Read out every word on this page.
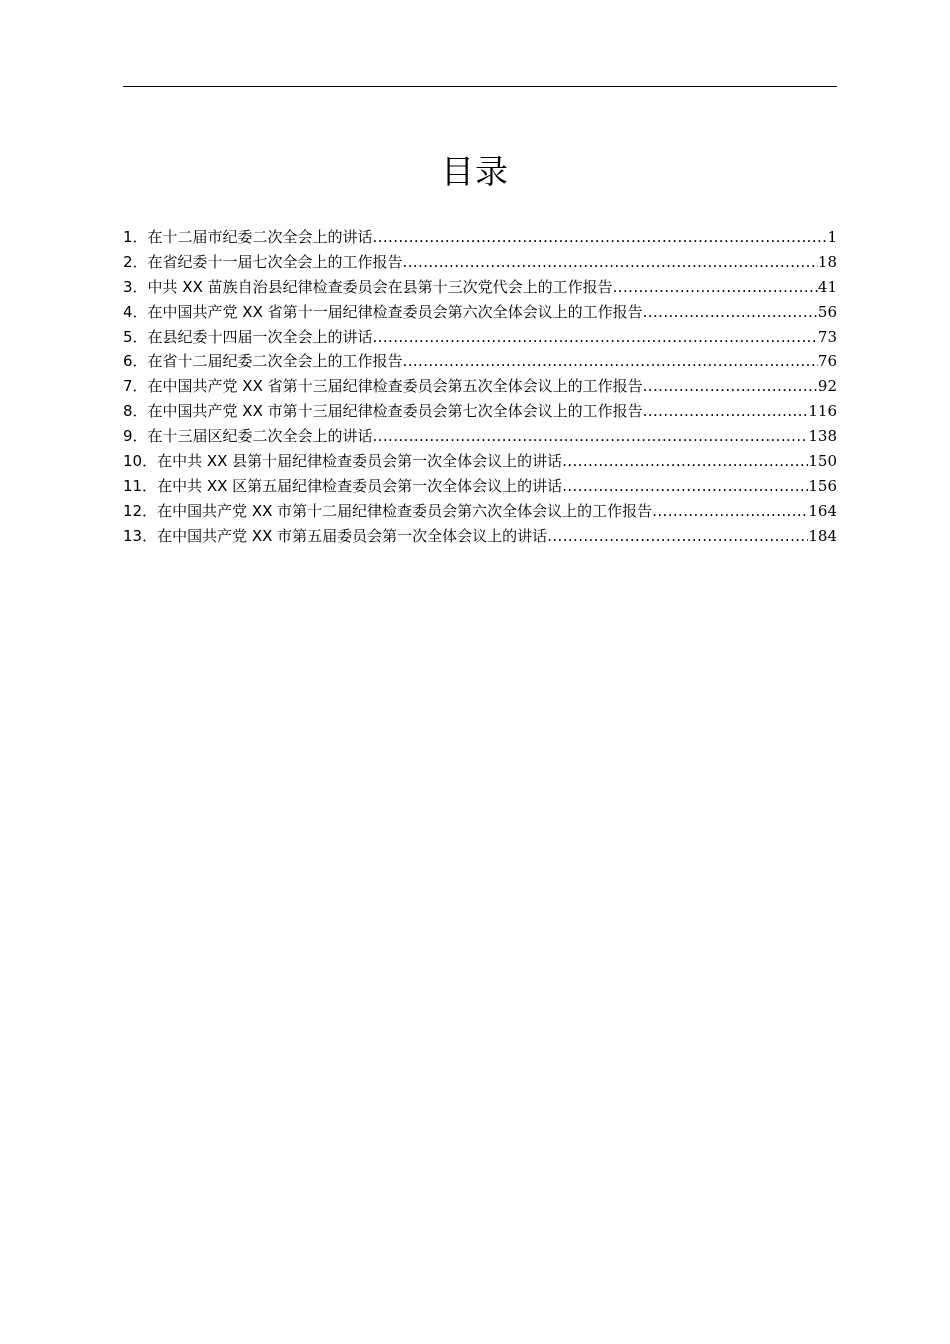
目录
1．在十二届市纪委二次全会上的讲话 .....	1
2．在省纪委十一届七次全会上的工作报告 .....	18
3．中共 XX 苗族自治县纪律检查委员会在县第十三次党代会上的工作报告 .....	41
4．在中国共产党 XX 省第十一届纪律检查委员会第六次全体会议上的工作报告 .....	56
5．在县纪委十四届一次全会上的讲话 .....	73
6．在省十二届纪委二次全会上的工作报告 .....	76
7．在中国共产党 XX 省第十三届纪律检查委员会第五次全体会议上的工作报告 .....	92
8．在中国共产党 XX 市第十三届纪律检查委员会第七次全体会议上的工作报告 .....	116
9．在十三届区纪委二次全会上的讲话 .....	138
10．在中共 XX 县第十届纪律检查委员会第一次全体会议上的讲话 .....	150
11．在中共 XX 区第五届纪律检查委员会第一次全体会议上的讲话 .....	156
12．在中国共产党 XX 市第十二届纪律检查委员会第六次全体会议上的工作报告 .....	164
13．在中国共产党 XX 市第五届委员会第一次全体会议上的讲话 .....	184
